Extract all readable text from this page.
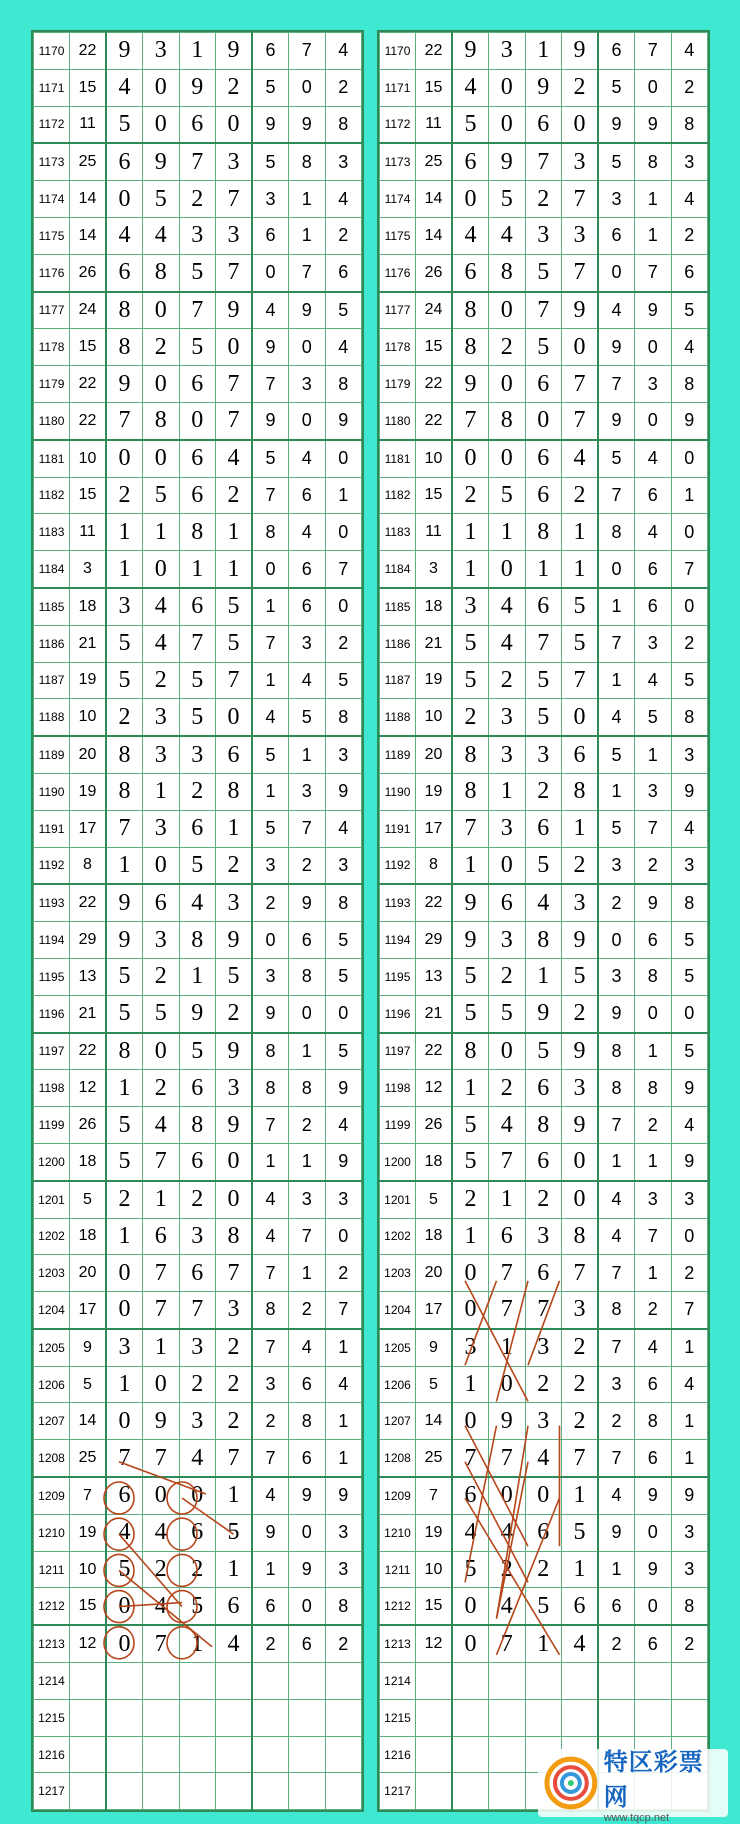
1170	22	9	3	1	9	6	7	4
1171	15	4	0	9	2	5	0	2
1172	11	5	0	6	0	9	9	8
1173	25	6	9	7	3	5	8	3
1174	14	0	5	2	7	3	1	4
1175	14	4	4	3	3	6	1	2
1176	26	6	8	5	7	0	7	6
1177	24	8	0	7	9	4	9	5
1178	15	8	2	5	0	9	0	4
1179	22	9	0	6	7	7	3	8
1180	22	7	8	0	7	9	0	9
1181	10	0	0	6	4	5	4	0
1182	15	2	5	6	2	7	6	1
1183	11	1	1	8	1	8	4	0
1184	3	1	0	1	1	0	6	7
1185	18	3	4	6	5	1	6	0
1186	21	5	4	7	5	7	3	2
1187	19	5	2	5	7	1	4	5
1188	10	2	3	5	0	4	5	8
1189	20	8	3	3	6	5	1	3
1190	19	8	1	2	8	1	3	9
1191	17	7	3	6	1	5	7	4
1192	8	1	0	5	2	3	2	3
1193	22	9	6	4	3	2	9	8
1194	29	9	3	8	9	0	6	5
1195	13	5	2	1	5	3	8	5
1196	21	5	5	9	2	9	0	0
1197	22	8	0	5	9	8	1	5
1198	12	1	2	6	3	8	8	9
1199	26	5	4	8	9	7	2	4
1200	18	5	7	6	0	1	1	9
1201	5	2	1	2	0	4	3	3
1202	18	1	6	3	8	4	7	0
1203	20	0	7	6	7	7	1	2
1204	17	0	7	7	3	8	2	7
1205	9	3	1	3	2	7	4	1
1206	5	1	0	2	2	3	6	4
1207	14	0	9	3	2	2	8	1
1208	25	7	7	4	7	7	6	1
1209	7	6	0	0	1	4	9	9
1210	19	4	4	6	5	9	0	3
1211	10	5	2	2	1	1	9	3
1212	15	0	4	5	6	6	0	8
1213	12	0	7	1	4	2	6	2
1214								
1215								
1216								
1217								
1170	22	9	3	1	9	6	7	4
1171	15	4	0	9	2	5	0	2
1172	11	5	0	6	0	9	9	8
1173	25	6	9	7	3	5	8	3
1174	14	0	5	2	7	3	1	4
1175	14	4	4	3	3	6	1	2
1176	26	6	8	5	7	0	7	6
1177	24	8	0	7	9	4	9	5
1178	15	8	2	5	0	9	0	4
1179	22	9	0	6	7	7	3	8
1180	22	7	8	0	7	9	0	9
1181	10	0	0	6	4	5	4	0
1182	15	2	5	6	2	7	6	1
1183	11	1	1	8	1	8	4	0
1184	3	1	0	1	1	0	6	7
1185	18	3	4	6	5	1	6	0
1186	21	5	4	7	5	7	3	2
1187	19	5	2	5	7	1	4	5
1188	10	2	3	5	0	4	5	8
1189	20	8	3	3	6	5	1	3
1190	19	8	1	2	8	1	3	9
1191	17	7	3	6	1	5	7	4
1192	8	1	0	5	2	3	2	3
1193	22	9	6	4	3	2	9	8
1194	29	9	3	8	9	0	6	5
1195	13	5	2	1	5	3	8	5
1196	21	5	5	9	2	9	0	0
1197	22	8	0	5	9	8	1	5
1198	12	1	2	6	3	8	8	9
1199	26	5	4	8	9	7	2	4
1200	18	5	7	6	0	1	1	9
1201	5	2	1	2	0	4	3	3
1202	18	1	6	3	8	4	7	0
1203	20	0	7	6	7	7	1	2
1204	17	0	7	7	3	8	2	7
1205	9	3	1	3	2	7	4	1
1206	5	1	0	2	2	3	6	4
1207	14	0	9	3	2	2	8	1
1208	25	7	7	4	7	7	6	1
1209	7	6	0	0	1	4	9	9
1210	19	4	4	6	5	9	0	3
1211	10	5	2	2	1	1	9	3
1212	15	0	4	5	6	6	0	8
1213	12	0	7	1	4	2	6	2
1214								
1215								
1216								
1217								
特区彩票网
www.tqcp.net
